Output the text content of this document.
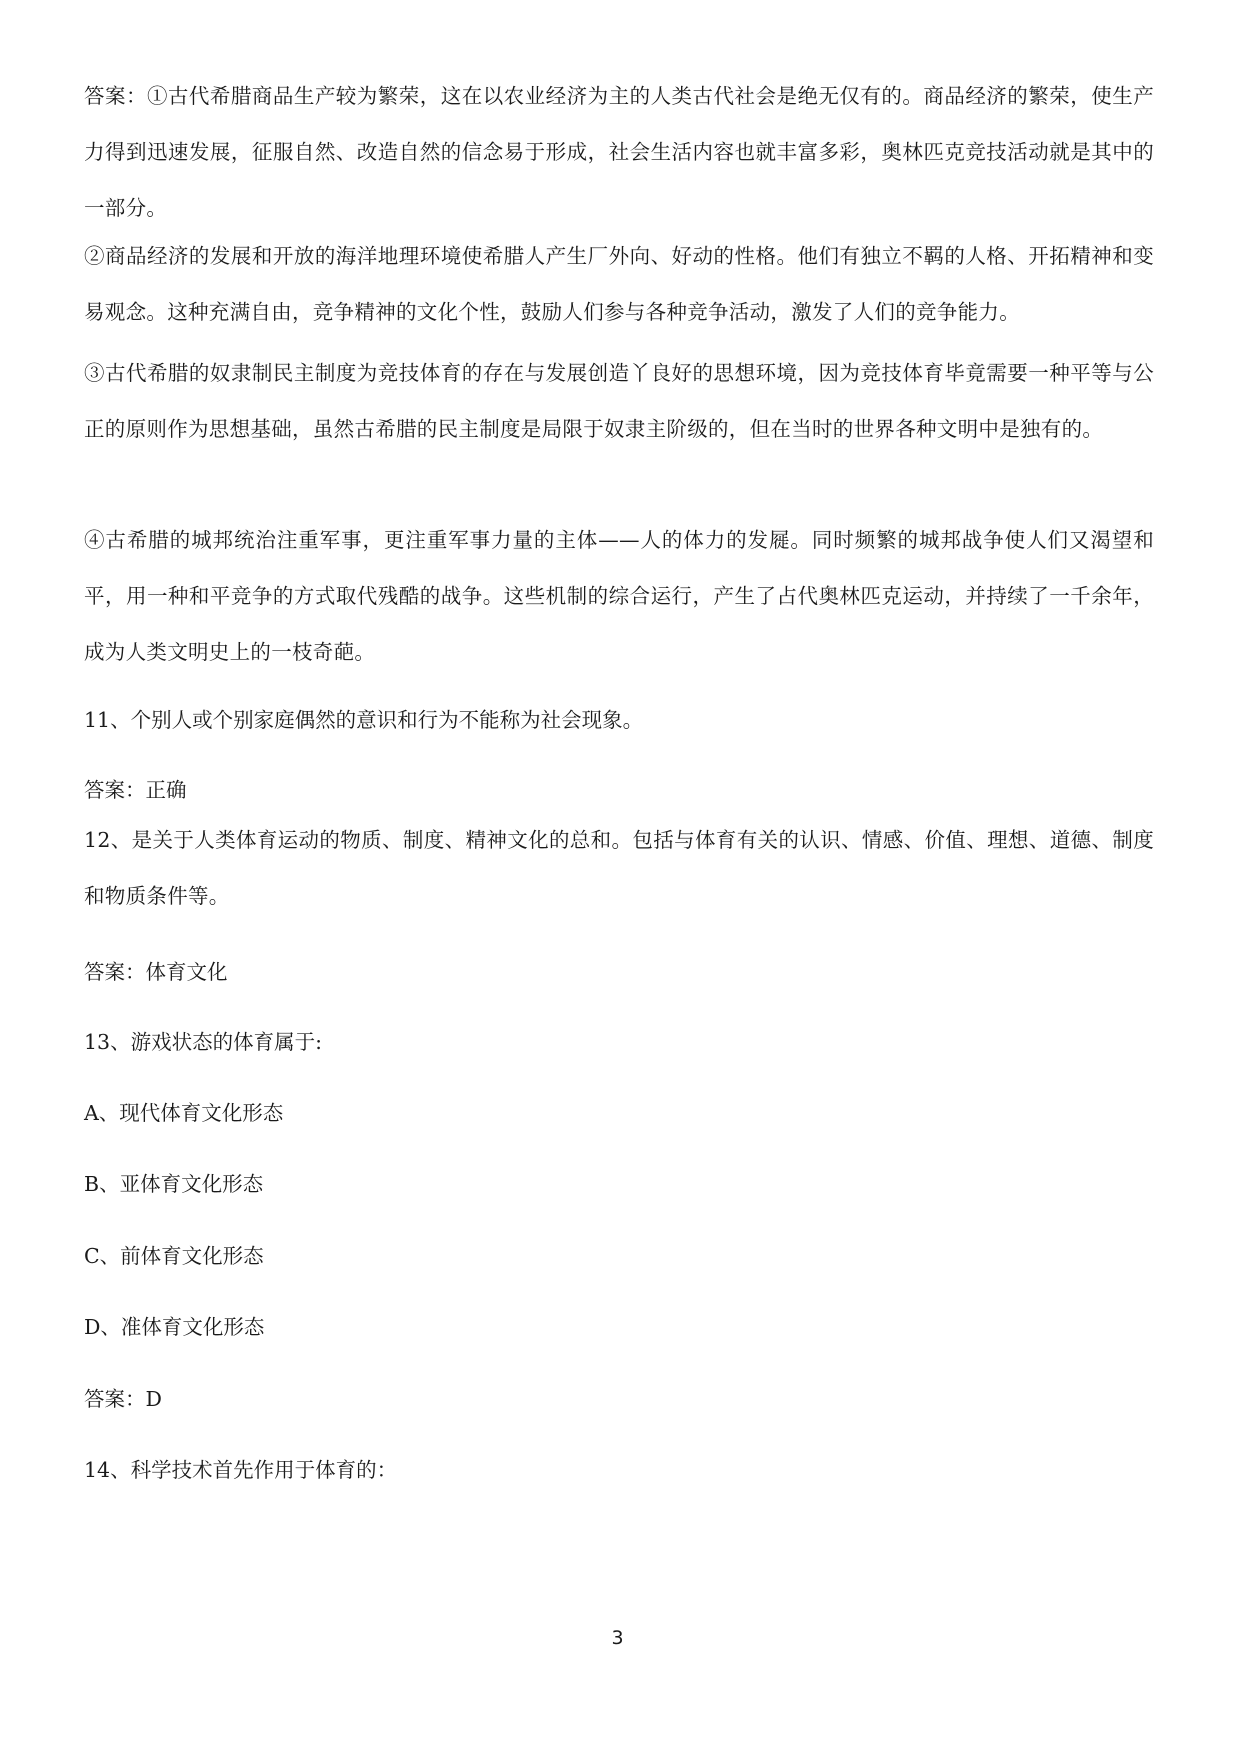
答案：①古代希腊商品生产较为繁荣，这在以农业经济为主的人类古代社会是绝无仅有的。商品经济的繁荣，使生产力得到迅速发展，征服自然、改造自然的信念易于形成，社会生活内容也就丰富多彩，奥林匹克竞技活动就是其中的一部分。

②商品经济的发展和开放的海洋地理环境使希腊人产生厂外向、好动的性格。他们有独立不羁的人格、开拓精神和变易观念。这种充满自由，竞争精神的文化个性，鼓励人们参与各种竞争活动，激发了人们的竞争能力。

③古代希腊的奴隶制民主制度为竞技体育的存在与发展创造丫良好的思想环境，因为竞技体育毕竟需要一种平等与公正的原则作为思想基础，虽然古希腊的民主制度是局限于奴隶主阶级的，但在当时的世界各种文明中是独有的。

④古希腊的城邦统治注重军事，更注重军事力量的主体——人的体力的发屣。同时频繁的城邦战争使人们又渴望和平，用一种和平竞争的方式取代残酷的战争。这些机制的综合运行，产生了占代奥林匹克运动，并持续了一千余年，成为人类文明史上的一枝奇葩。

11、个别人或个别家庭偶然的意识和行为不能称为社会现象。

答案：正确

12、是关于人类体育运动的物质、制度、精神文化的总和。包括与体育有关的认识、情感、价值、理想、道德、制度和物质条件等。

答案：体育文化

13、游戏状态的体育属于:

A、现代体育文化形态

B、亚体育文化形态

C、前体育文化形态

D、准体育文化形态

答案：D

14、科学技术首先作用于体育的：

3
